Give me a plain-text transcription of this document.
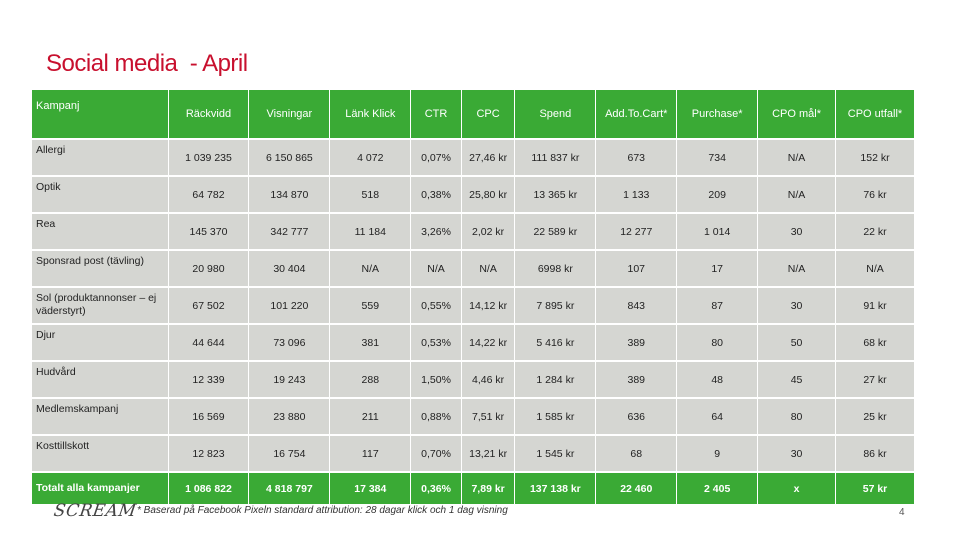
Social media  - April
Kampanj	Räckvidd	Visningar	Länk Klick	CTR	CPC	Spend	Add.To.Cart*	Purchase*	CPO mål*	CPO utfall*
Allergi	1 039 235	6 150 865	4 072	0,07%	27,46 kr	111 837 kr	673	734	N/A	152 kr
Optik	64 782	134 870	518	0,38%	25,80 kr	13 365 kr	1 133	209	N/A	76 kr
Rea	145 370	342 777	11 184	3,26%	2,02 kr	22 589 kr	12 277	1 014	30	22 kr
Sponsrad post (tävling)	20 980	30 404	N/A	N/A	N/A	6998 kr	107	17	N/A	N/A
Sol (produktannonser – ej väderstyrt)	67 502	101 220	559	0,55%	14,12 kr	7 895 kr	843	87	30	91 kr
Djur	44 644	73 096	381	0,53%	14,22 kr	5 416 kr	389	80	50	68 kr
Hudvård	12 339	19 243	288	1,50%	4,46 kr	1 284 kr	389	48	45	27 kr
Medlemskampanj	16 569	23 880	211	0,88%	7,51 kr	1 585 kr	636	64	80	25 kr
Kosttillskott	12 823	16 754	117	0,70%	13,21 kr	1 545 kr	68	9	30	86 kr
Totalt alla kampanjer	1 086 822	4 818 797	17 384	0,36%	7,89 kr	137 138 kr	22 460	2 405	x	57 kr
SCREAM * Baserad på Facebook Pixeln standard attribution: 28 dagar klick och 1 dag visning	4
